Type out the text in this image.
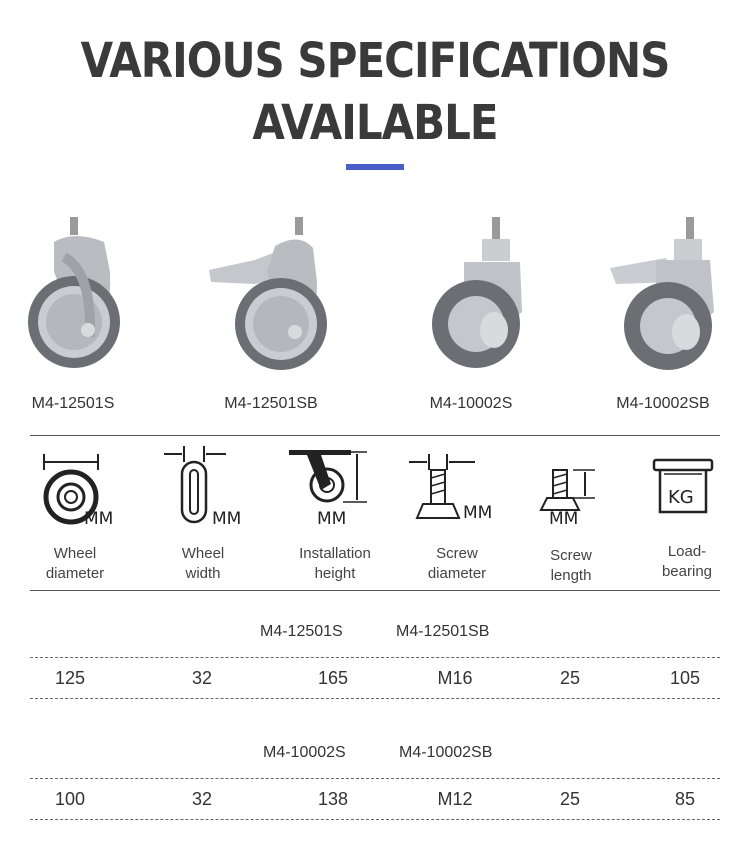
VARIOUS SPECIFICATIONS
AVAILABLE
M4-12501S	M4-12501SB	M4-10002S	M4-10002SB
MM	MM	MM	MM	MM
KG
Wheel
diameter
Wheel
width
Installation
height
Screw
diameter
Screw
length
Load-
bearing
M4-12501S	M4-12501SB
125	32	165	M16	25	105
M4-10002S	M4-10002SB
100	32	138	M12	25	85
